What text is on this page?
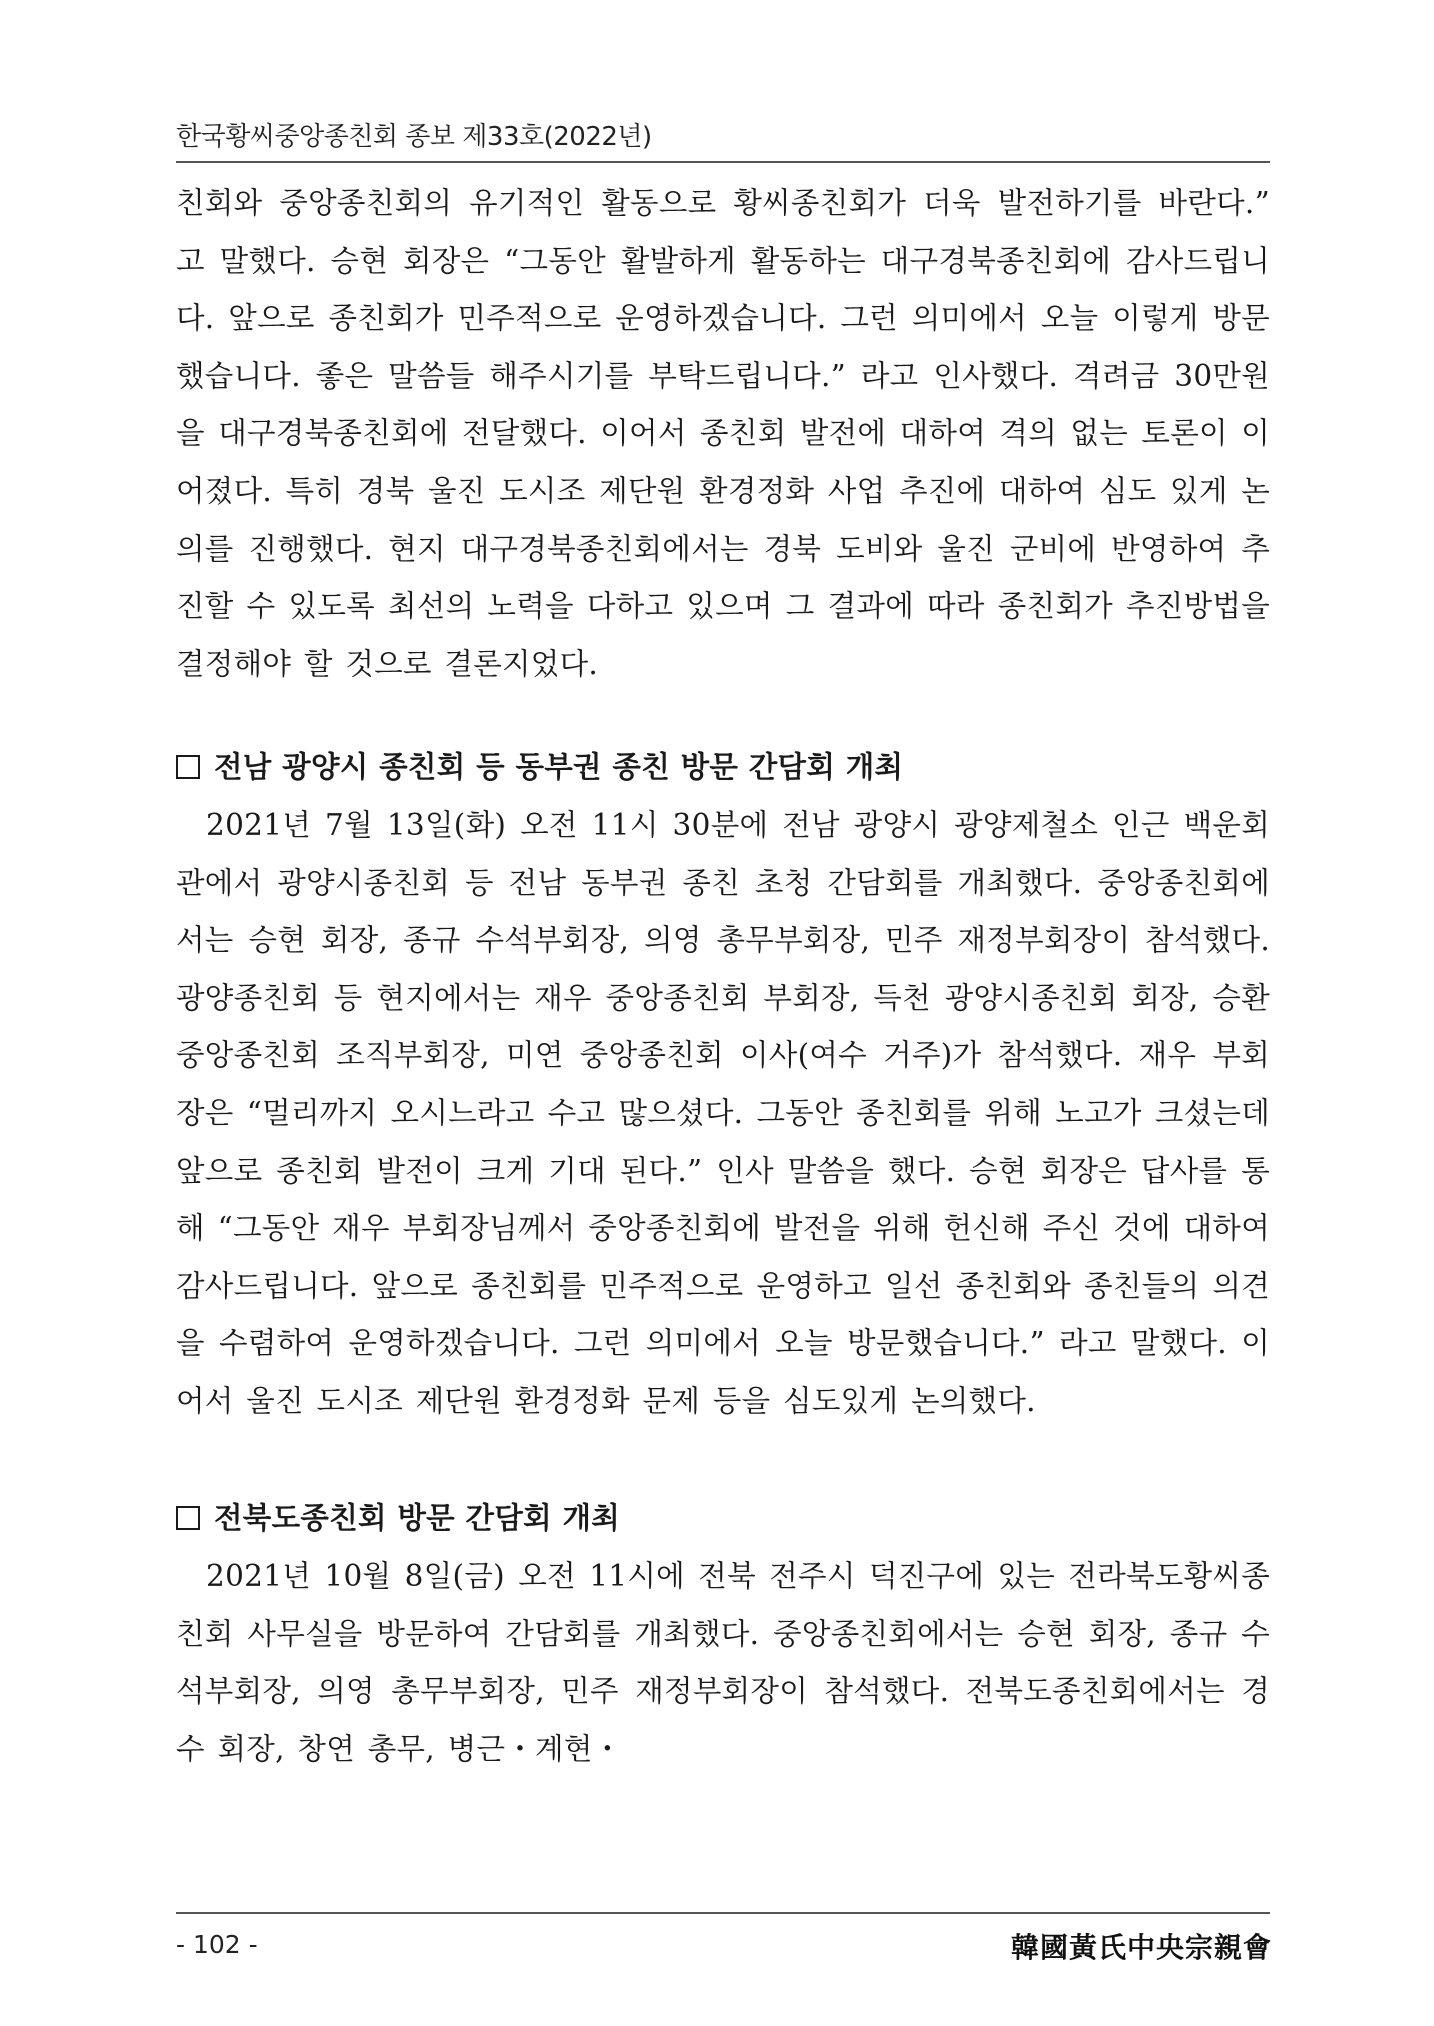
한국황씨중앙종친회 종보 제33호(2022년)

친회와 중앙종친회의 유기적인 활동으로 황씨종친회가 더욱 발전하기를 바란다.” 고 말했다. 승현 회장은 “그동안 활발하게 활동하는 대구경북종친회에 감사드립니다. 앞으로 종친회가 민주적으로 운영하겠습니다. 그런 의미에서 오늘 이렇게 방문했습니다. 좋은 말씀들 해주시기를 부탁드립니다.” 라고 인사했다. 격려금 30만원을 대구경북종친회에 전달했다. 이어서 종친회 발전에 대하여 격의 없는 토론이 이어졌다. 특히 경북 울진 도시조 제단원 환경정화 사업 추진에 대하여 심도 있게 논의를 진행했다. 현지 대구경북종친회에서는 경북 도비와 울진 군비에 반영하여 추진할 수 있도록 최선의 노력을 다하고 있으며 그 결과에 따라 종친회가 추진방법을 결정해야 할 것으로 결론지었다.

전남 광양시 종친회 등 동부권 종친 방문 간담회 개최

2021년 7월 13일(화) 오전 11시 30분에 전남 광양시 광양제철소 인근 백운회관에서 광양시종친회 등 전남 동부권 종친 초청 간담회를 개최했다. 중앙종친회에서는 승현 회장, 종규 수석부회장, 의영 총무부회장, 민주 재정부회장이 참석했다. 광양종친회 등 현지에서는 재우 중앙종친회 부회장, 득천 광양시종친회 회장, 승환 중앙종친회 조직부회장, 미연 중앙종친회 이사(여수 거주)가 참석했다. 재우 부회장은 “멀리까지 오시느라고 수고 많으셨다. 그동안 종친회를 위해 노고가 크셨는데 앞으로 종친회 발전이 크게 기대 된다.” 인사 말씀을 했다. 승현 회장은 답사를 통해 “그동안 재우 부회장님께서 중앙종친회에 발전을 위해 헌신해 주신 것에 대하여 감사드립니다. 앞으로 종친회를 민주적으로 운영하고 일선 종친회와 종친들의 의견을 수렴하여 운영하겠습니다. 그런 의미에서 오늘 방문했습니다.” 라고 말했다. 이어서 울진 도시조 제단원 환경정화 문제 등을 심도있게 논의했다.

전북도종친회 방문 간담회 개최

2021년 10월 8일(금) 오전 11시에 전북 전주시 덕진구에 있는 전라북도황씨종친회 사무실을 방문하여 간담회를 개최했다. 중앙종친회에서는 승현 회장, 종규 수석부회장, 의영 총무부회장, 민주 재정부회장이 참석했다. 전북도종친회에서는 경수 회장, 창연 총무, 병근・계현・

- 102 -	韓國黃氏中央宗親會
